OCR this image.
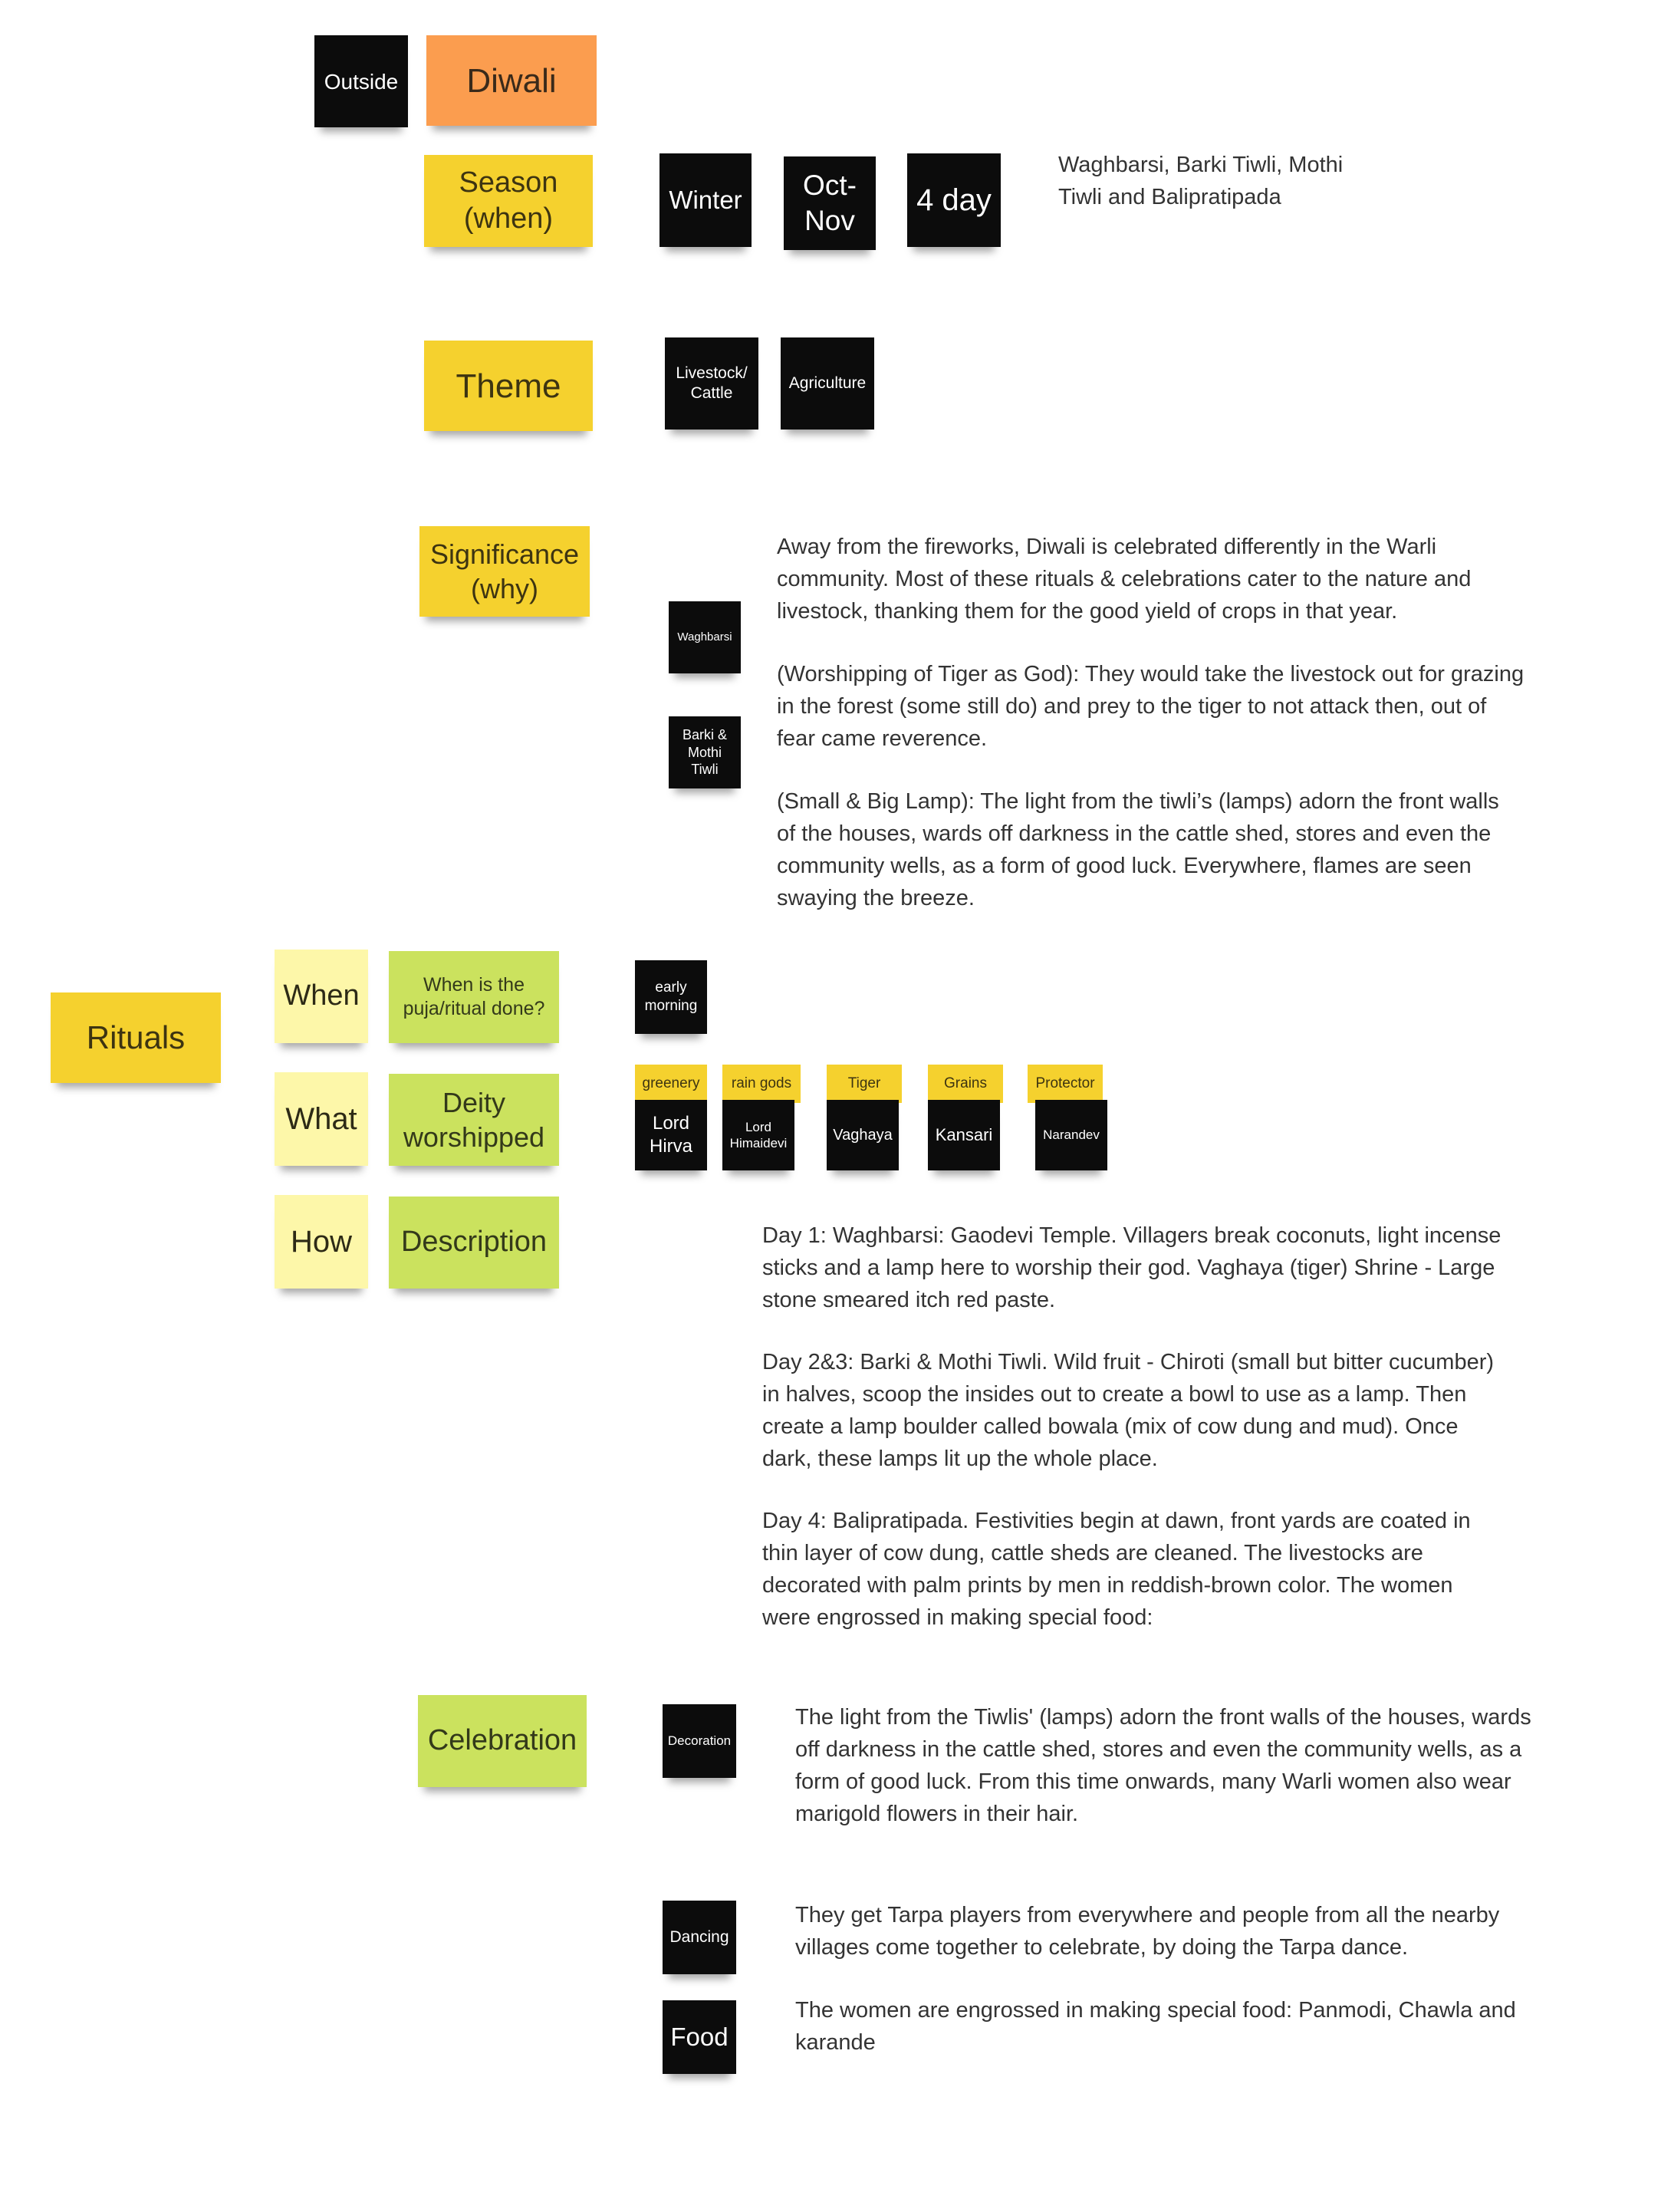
Outside	Diwali
Season
(when)
Winter	Oct-
Nov
4 day
Waghbarsi, Barki Tiwli, Mothi
Tiwli and Balipratipada
Theme	Livestock/
Cattle
Agriculture
Significance
(why)
Waghbarsi
Barki &
Mothi
Tiwli
Away from the fireworks, Diwali is celebrated differently in the Warli
community. Most of these rituals & celebrations cater to the nature and
livestock, thanking them for the good yield of crops in that year.
(Worshipping of Tiger as God): They would take the livestock out for grazing
in the forest (some still do) and prey to the tiger to not attack then, out of
fear came reverence.
(Small & Big Lamp): The light from the tiwli’s (lamps) adorn the front walls
of the houses, wards off darkness in the cattle shed, stores and even the
community wells, as a form of good luck. Everywhere, flames are seen
swaying the breeze.
Rituals
When	When is the
puja/ritual done?
early
morning
What	Deity
worshipped
greenery
Lord
Hirva
rain gods
Lord
Himaidevi
Tiger
Vaghaya
Grains
Kansari
Protector
Narandev
How	Description	Day 1: Waghbarsi: Gaodevi Temple. Villagers break coconuts, light incense
sticks and a lamp here to worship their god. Vaghaya (tiger) Shrine - Large
stone smeared itch red paste.
Day 2&3: Barki & Mothi Tiwli. Wild fruit - Chiroti (small but bitter cucumber)
in halves, scoop the insides out to create a bowl to use as a lamp. Then
create a lamp boulder called bowala (mix of cow dung and mud). Once
dark, these lamps lit up the whole place.
Day 4: Balipratipada. Festivities begin at dawn, front yards are coated in
thin layer of cow dung, cattle sheds are cleaned. The livestocks are
decorated with palm prints by men in reddish-brown color. The women
were engrossed in making special food:
Celebration	Decoration
The light from the Tiwlis' (lamps) adorn the front walls of the houses, wards
off darkness in the cattle shed, stores and even the community wells, as a
form of good luck. From this time onwards, many Warli women also wear
marigold flowers in their hair.
Dancing
They get Tarpa players from everywhere and people from all the nearby
villages come together to celebrate, by doing the Tarpa dance.
Food
The women are engrossed in making special food: Panmodi, Chawla and
karande
